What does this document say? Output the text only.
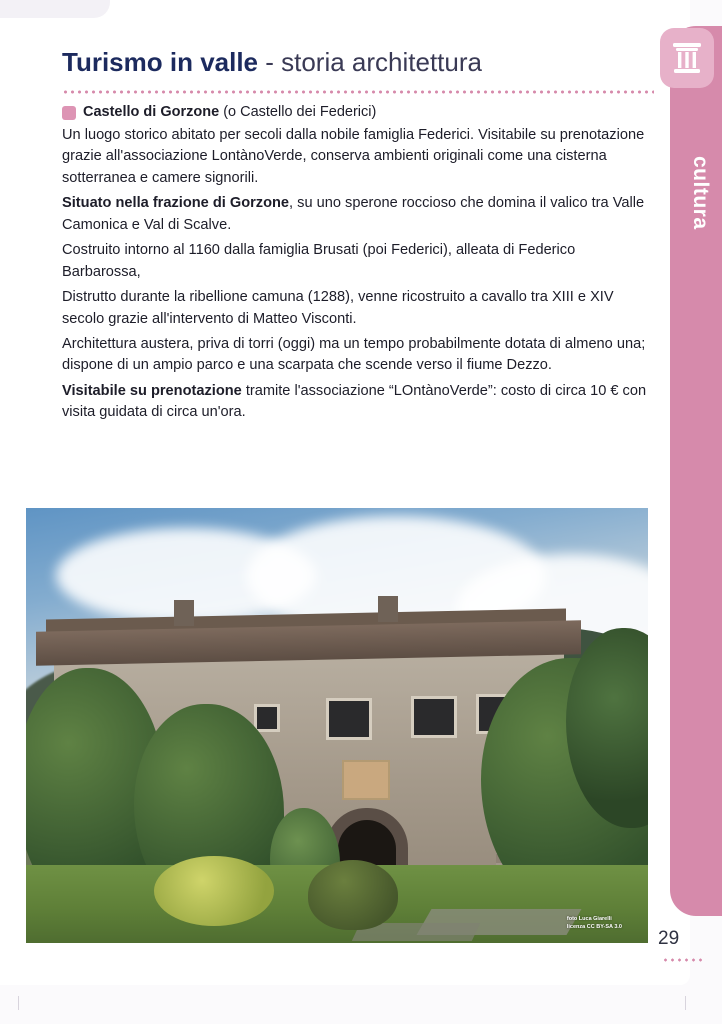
cultura
Turismo in valle - storia architettura
Castello di Gorzone (o Castello dei Federici)

Un luogo storico abitato per secoli dalla nobile famiglia Federici. Visitabile su prenotazione grazie all'associazione LontànoVerde, conserva ambienti originali come una cisterna sotterranea e camere signorili.

Situato nella frazione di Gorzone, su uno sperone roccioso che domina il valico tra Valle Camonica e Val di Scalve.

Costruito intorno al 1160 dalla famiglia Brusati (poi Federici), alleata di Federico Barbarossa,

Distrutto durante la ribellione camuna (1288), venne ricostruito a cavallo tra XIII e XIV secolo grazie all'intervento di Matteo Visconti.

Architettura austera, priva di torri (oggi) ma un tempo probabilmente dotata di almeno una; dispone di un ampio parco e una scarpata che scende verso il fiume Dezzo.

Visitabile su prenotazione tramite l'associazione “LOntànoVerde”: costo di circa 10 € con visita guidata di circa un'ora.

foto Luca Giarelli
licenza CC BY-SA 3.0
29
